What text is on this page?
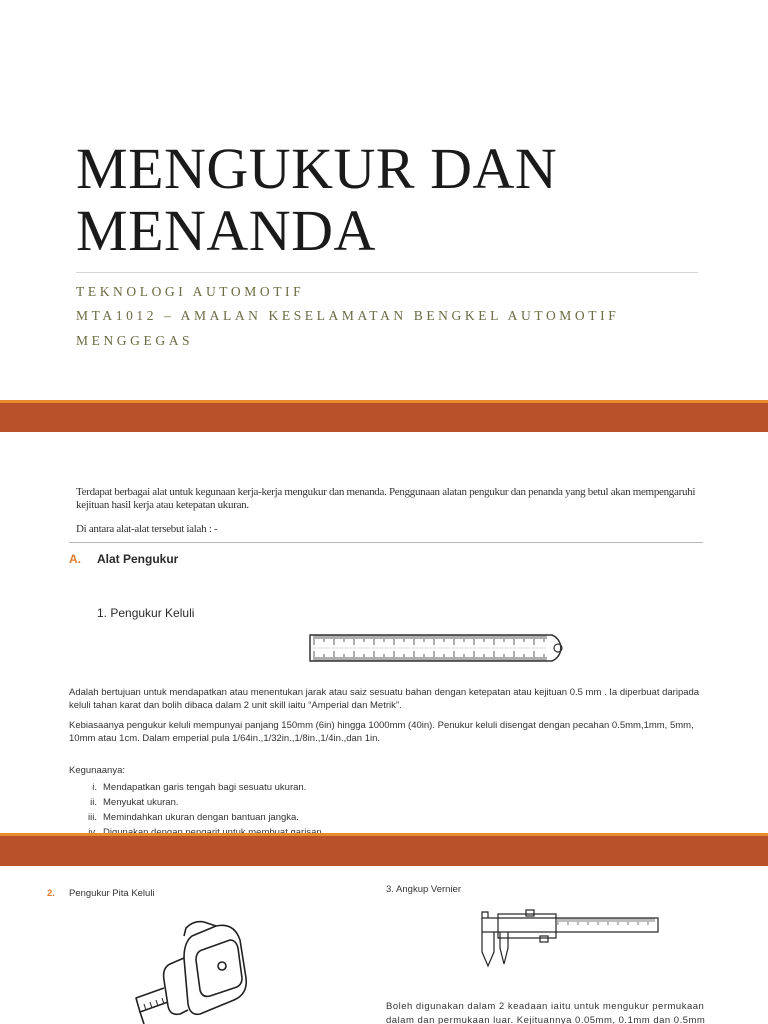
MENGUKUR DAN
MENANDA
TEKNOLOGI AUTOMOTIF
MTA1012 – AMALAN KESELAMATAN BENGKEL AUTOMOTIF
MENGGEGAS
Terdapat berbagai alat untuk kegunaan kerja-kerja mengukur dan menanda. Penggunaan alatan pengukur dan penanda yang betul akan mempengaruhi kejituan hasil kerja atau ketepatan ukuran.
Di antara alat-alat tersebut ialah : -
A. Alat Pengukur
1. Pengukur Keluli
Adalah bertujuan untuk mendapatkan atau menentukan jarak atau saiz sesuatu bahan dengan ketepatan atau kejituan 0.5 mm . Ia diperbuat daripada keluli tahan karat dan bolih dibaca dalam 2 unit skill iaitu “Amperial dan Metrik”.
Kebiasaanya pengukur keluli mempunyai panjang 150mm (6in) hingga 1000mm (40in). Penukur keluli disengat dengan pecahan 0.5mm,1mm, 5mm, 10mm atau 1cm. Dalam emperial pula 1/64in.,1/32in.,1/8in.,1/4in.,dan 1in.
Kegunaanya:
i. Mendapatkan garis tengah bagi sesuatu ukuran.
ii. Menyukat ukuran.
iii. Memindahkan ukuran dengan bantuan jangka.
2. Pengukur Pita Keluli	3. Angkup Vernier
Boleh digunakan dalam 2 keadaan iaitu untuk mengukur permukaan dalam dan permukaan luar. Kejituannya 0.05mm, 0.1mm dan 0.5mm
